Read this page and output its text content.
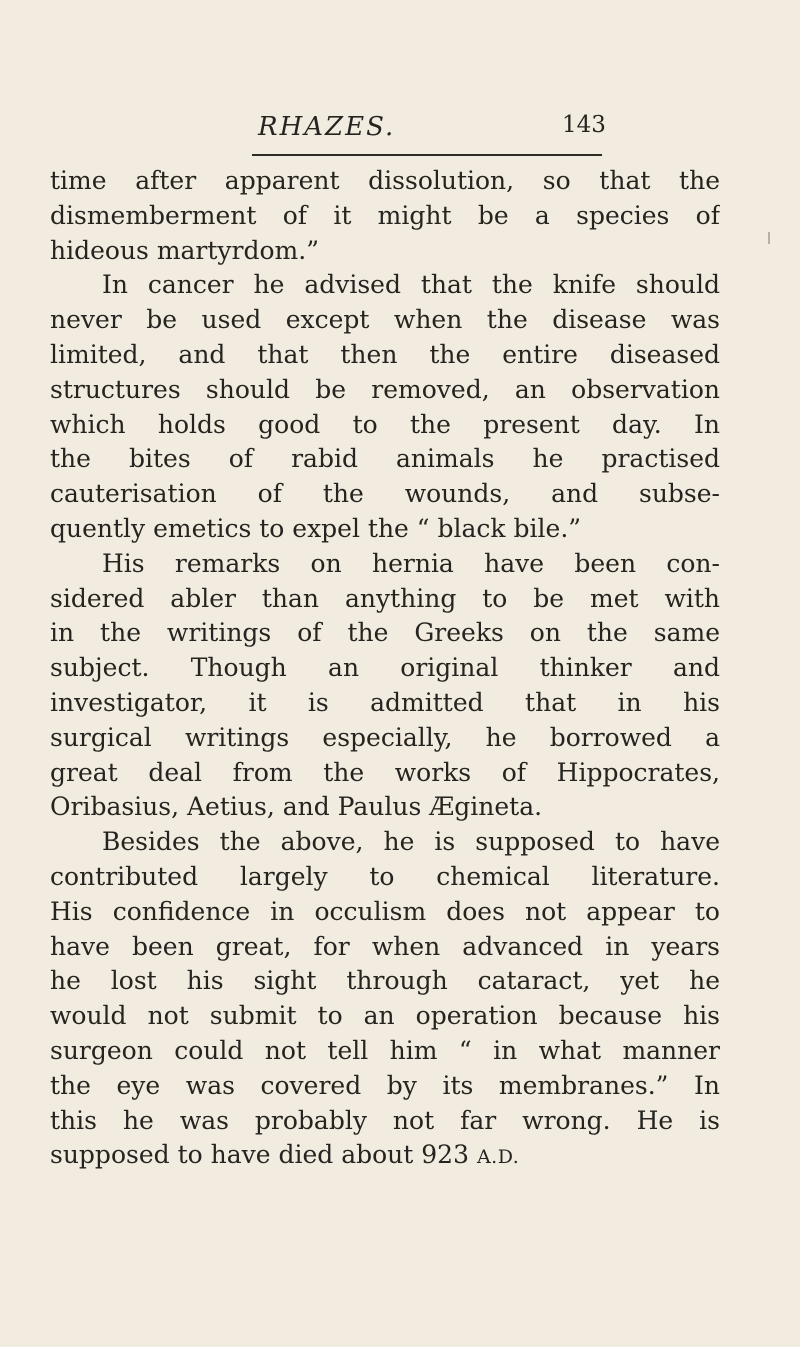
RHAZES.	143
time after apparent dissolution, so that the
dismemberment of it might be a species of
hideous martyrdom.”
In cancer he advised that the knife should
never be used except when the disease was
limited, and that then the entire diseased
structures should be removed, an observation
which holds good to the present day. In
the bites of rabid animals he practised
cauterisation of the wounds, and subse-
quently emetics to expel the “ black bile.”
His remarks on hernia have been con-
sidered abler than anything to be met with
in the writings of the Greeks on the same
subject. Though an original thinker and
investigator, it is admitted that in his
surgical writings especially, he borrowed a
great deal from the works of Hippocrates,
Oribasius, Aetius, and Paulus Ægineta.
Besides the above, he is supposed to have
contributed largely to chemical literature.
His confidence in occulism does not appear to
have been great, for when advanced in years
he lost his sight through cataract, yet he
would not submit to an operation because his
surgeon could not tell him “ in what manner
the eye was covered by its membranes.” In
this he was probably not far wrong. He is
supposed to have died about 923 A.D.
